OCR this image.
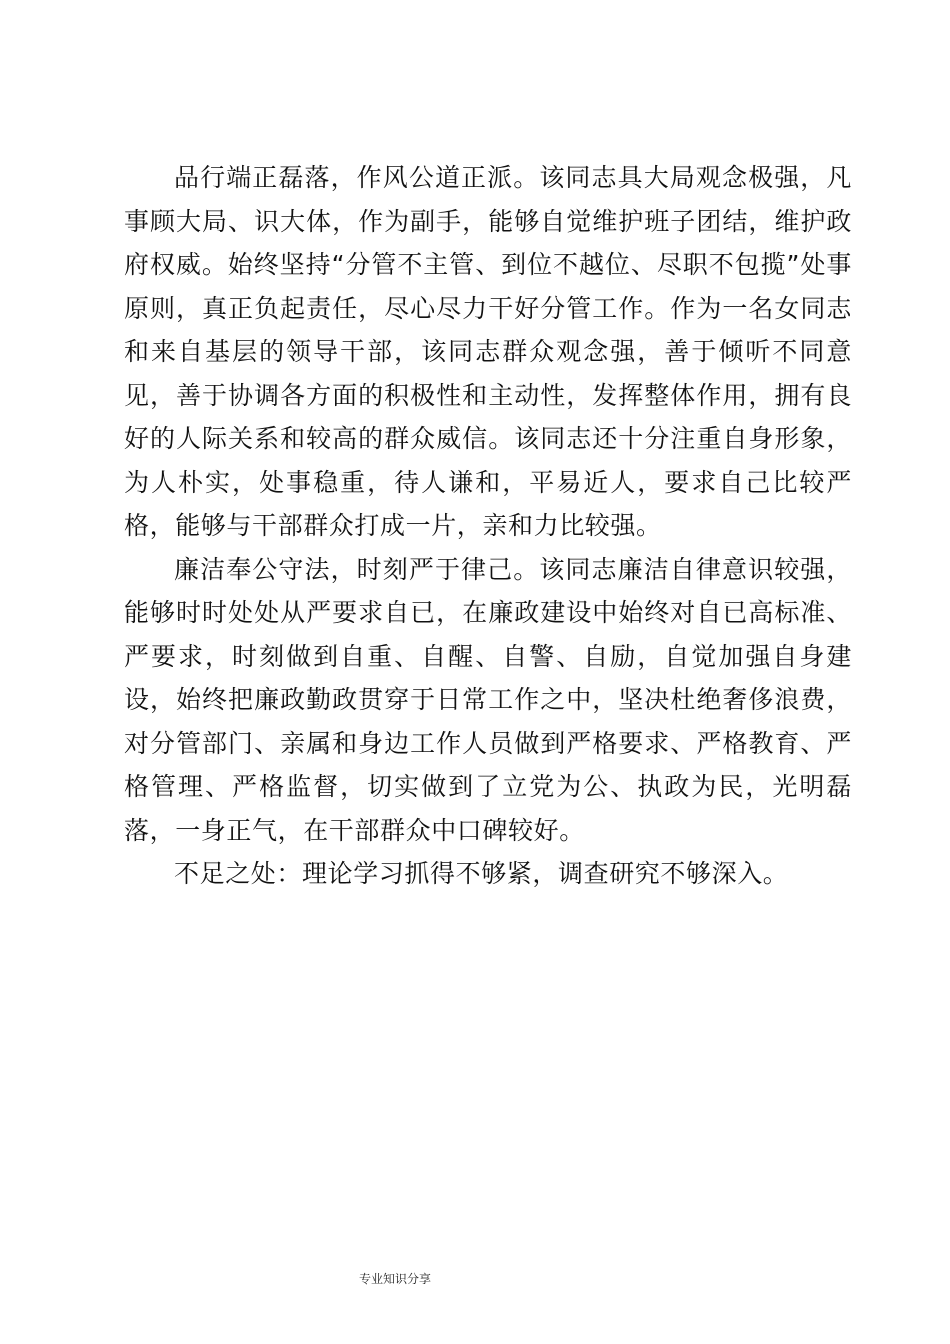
品行端正磊落，作风公道正派。该同志具大局观念极强，凡事顾大局、识大体，作为副手，能够自觉维护班子团结，维护政府权威。始终坚持“分管不主管、到位不越位、尽职不包揽”处事原则，真正负起责任，尽心尽力干好分管工作。作为一名女同志和来自基层的领导干部，该同志群众观念强，善于倾听不同意见，善于协调各方面的积极性和主动性，发挥整体作用，拥有良好的人际关系和较高的群众威信。该同志还十分注重自身形象，为人朴实，处事稳重，待人谦和，平易近人，要求自己比较严格，能够与干部群众打成一片，亲和力比较强。

廉洁奉公守法，时刻严于律己。该同志廉洁自律意识较强，能够时时处处从严要求自已，在廉政建设中始终对自已高标准、严要求，时刻做到自重、自醒、自警、自励，自觉加强自身建设，始终把廉政勤政贯穿于日常工作之中，坚决杜绝奢侈浪费，对分管部门、亲属和身边工作人员做到严格要求、严格教育、严格管理、严格监督，切实做到了立党为公、执政为民，光明磊落，一身正气，在干部群众中口碑较好。

不足之处：理论学习抓得不够紧，调查研究不够深入。

专业知识分享
